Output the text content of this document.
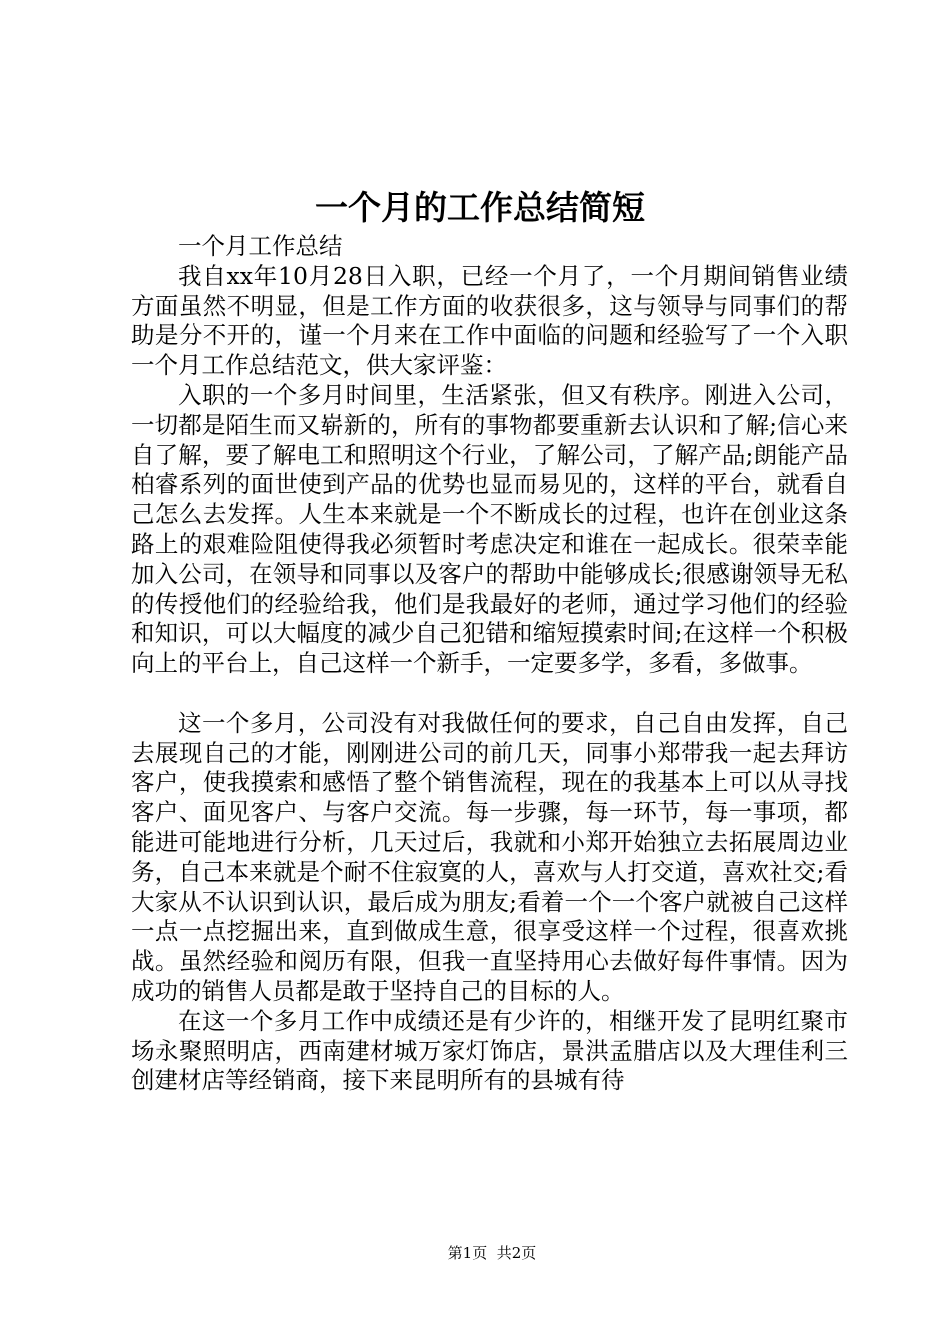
一个月的工作总结简短

一个月工作总结

我自xx年10月28日入职，已经一个月了，一个月期间销售业绩方面虽然不明显，但是工作方面的收获很多，这与领导与同事们的帮助是分不开的，谨一个月来在工作中面临的问题和经验写了一个入职一个月工作总结范文，供大家评鉴：

入职的一个多月时间里，生活紧张，但又有秩序。刚进入公司，一切都是陌生而又崭新的，所有的事物都要重新去认识和了解;信心来自了解，要了解电工和照明这个行业，了解公司，了解产品;朗能产品柏睿系列的面世使到产品的优势也显而易见的，这样的平台，就看自己怎么去发挥。人生本来就是一个不断成长的过程，也许在创业这条路上的艰难险阻使得我必须暂时考虑决定和谁在一起成长。很荣幸能加入公司，在领导和同事以及客户的帮助中能够成长;很感谢领导无私的传授他们的经验给我，他们是我最好的老师，通过学习他们的经验和知识，可以大幅度的减少自己犯错和缩短摸索时间;在这样一个积极向上的平台上，自己这样一个新手，一定要多学，多看，多做事。

这一个多月，公司没有对我做任何的要求，自己自由发挥，自己去展现自己的才能，刚刚进公司的前几天，同事小郑带我一起去拜访客户，使我摸索和感悟了整个销售流程，现在的我基本上可以从寻找客户、面见客户、与客户交流。每一步骤，每一环节，每一事项，都能进可能地进行分析，几天过后，我就和小郑开始独立去拓展周边业务，自己本来就是个耐不住寂寞的人，喜欢与人打交道，喜欢社交;看大家从不认识到认识，最后成为朋友;看着一个一个客户就被自己这样一点一点挖掘出来，直到做成生意，很享受这样一个过程，很喜欢挑战。虽然经验和阅历有限，但我一直坚持用心去做好每件事情。因为成功的销售人员都是敢于坚持自己的目标的人。

在这一个多月工作中成绩还是有少许的，相继开发了昆明红聚市场永聚照明店，西南建材城万家灯饰店，景洪孟腊店以及大理佳利三创建材店等经销商，接下来昆明所有的县城有待

第1页 共2页
